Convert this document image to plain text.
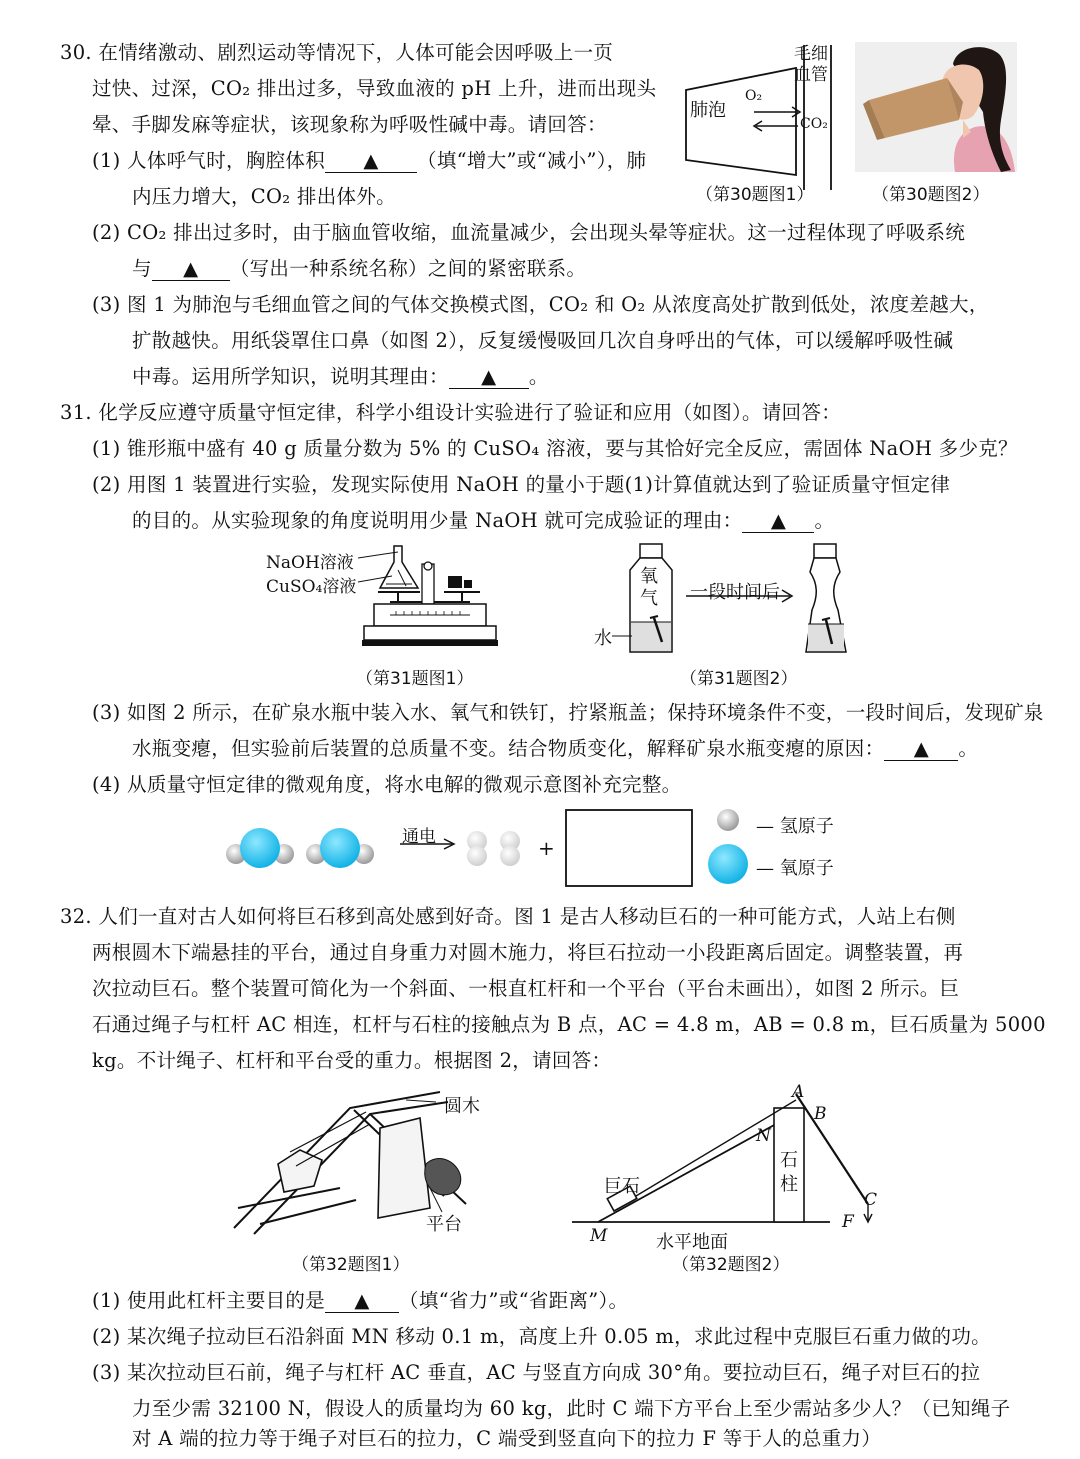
30. 在情绪激动、剧烈运动等情况下，人体可能会因呼吸上一页
过快、过深，CO₂ 排出过多，导致血液的 pH 上升，进而出现头
晕、手脚发麻等症状，该现象称为呼吸性碱中毒。请回答：
(1) 人体呼气时，胸腔体积 ▲ （填“增大”或“减小”），肺
内压力增大，CO₂ 排出体外。
(2) CO₂ 排出过多时，由于脑血管收缩，血流量减少，会出现头晕等症状。这一过程体现了呼吸系统
与 ▲ （写出一种系统名称）之间的紧密联系。
(3) 图 1 为肺泡与毛细血管之间的气体交换模式图，CO₂ 和 O₂ 从浓度高处扩散到低处，浓度差越大，
扩散越快。用纸袋罩住口鼻（如图 2），反复缓慢吸回几次自身呼出的气体，可以缓解呼吸性碱
中毒。运用所学知识，说明其理由： ▲ 。
肺泡
O₂
CO₂
毛细血管
（第30题图1）	（第30题图2）
31. 化学反应遵守质量守恒定律，科学小组设计实验进行了验证和应用（如图）。请回答：
(1) 锥形瓶中盛有 40 g 质量分数为 5% 的 CuSO₄ 溶液，要与其恰好完全反应，需固体 NaOH 多少克？
(2) 用图 1 装置进行实验，发现实际使用 NaOH 的量小于题(1)计算值就达到了验证质量守恒定律
的目的。从实验现象的角度说明用少量 NaOH 就可完成验证的理由： ▲ 。
NaOH溶液
CuSO₄溶液
（第31题图1）
氧气
水
一段时间后
（第31题图2）
(3) 如图 2 所示，在矿泉水瓶中装入水、氧气和铁钉，拧紧瓶盖；保持环境条件不变，一段时间后，发现矿泉
水瓶变瘪，但实验前后装置的总质量不变。结合物质变化，解释矿泉水瓶变瘪的原因： ▲ 。
(4) 从质量守恒定律的微观角度，将水电解的微观示意图补充完整。
通电	+
— 氢原子
— 氧原子
32. 人们一直对古人如何将巨石移到高处感到好奇。图 1 是古人移动巨石的一种可能方式，人站上右侧
两根圆木下端悬挂的平台，通过自身重力对圆木施力，将巨石拉动一小段距离后固定。调整装置，再
次拉动巨石。整个装置可简化为一个斜面、一根直杠杆和一个平台（平台未画出），如图 2 所示。巨
石通过绳子与杠杆 AC 相连，杠杆与石柱的接触点为 B 点，AC = 4.8 m，AB = 0.8 m，巨石质量为 5000
kg。不计绳子、杠杆和平台受的重力。根据图 2，请回答：
圆木
平台
（第32题图1）
A
B
N
C
F
M
巨石
石
柱
水平地面
（第32题图2）
(1) 使用此杠杆主要目的是 ▲ （填“省力”或“省距离”）。
(2) 某次绳子拉动巨石沿斜面 MN 移动 0.1 m，高度上升 0.05 m，求此过程中克服巨石重力做的功。
(3) 某次拉动巨石前，绳子与杠杆 AC 垂直，AC 与竖直方向成 30°角。要拉动巨石，绳子对巨石的拉
力至少需 32100 N，假设人的质量均为 60 kg，此时 C 端下方平台上至少需站多少人？（已知绳子
对 A 端的拉力等于绳子对巨石的拉力，C 端受到竖直向下的拉力 F 等于人的总重力）
